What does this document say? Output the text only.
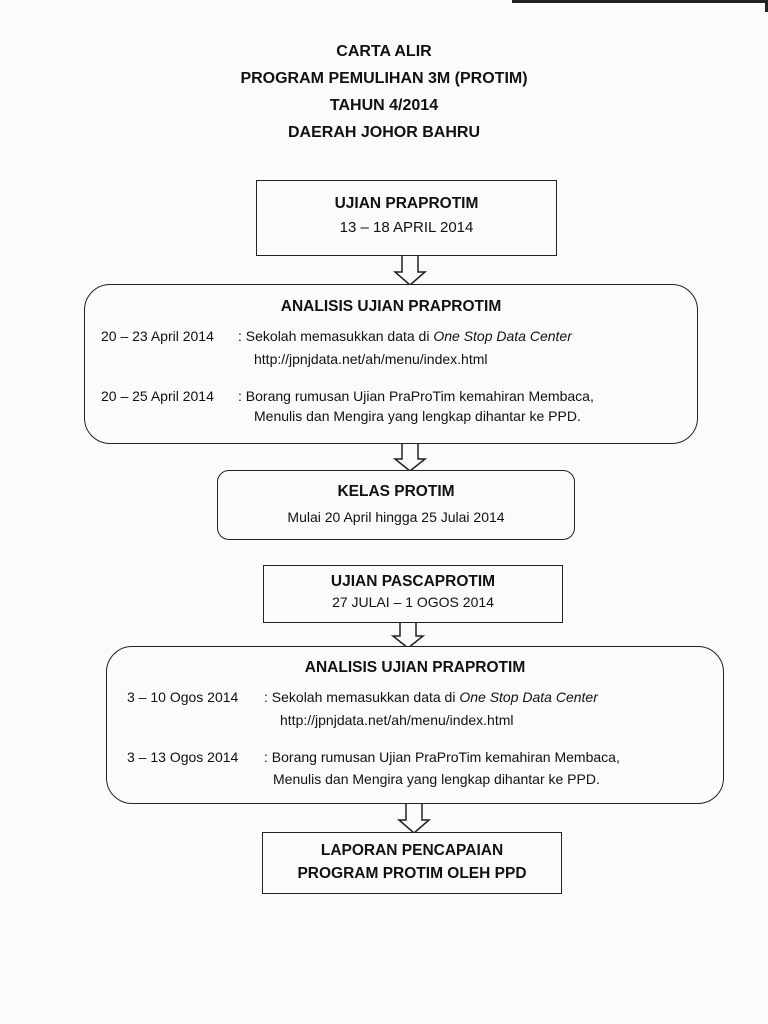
CARTA ALIR
PROGRAM PEMULIHAN 3M (PROTIM)
TAHUN 4/2014
DAERAH JOHOR BAHRU
UJIAN PRAPROTIM
13 – 18 APRIL 2014
ANALISIS UJIAN PRAPROTIM
20 – 23 April 2014 : Sekolah memasukkan data di One Stop Data Center
http://jpnjdata.net/ah/menu/index.html
20 – 25 April 2014 : Borang rumusan Ujian PraProTim kemahiran Membaca,
Menulis dan Mengira yang lengkap dihantar ke PPD.
KELAS PROTIM
Mulai 20 April hingga 25 Julai 2014
UJIAN PASCAPROTIM
27 JULAI – 1 OGOS 2014
ANALISIS UJIAN PRAPROTIM
3 – 10 Ogos 2014 : Sekolah memasukkan data di One Stop Data Center
http://jpnjdata.net/ah/menu/index.html
3 – 13 Ogos 2014 : Borang rumusan Ujian PraProTim kemahiran Membaca,
Menulis dan Mengira yang lengkap dihantar ke PPD.
LAPORAN PENCAPAIAN
PROGRAM PROTIM OLEH PPD
